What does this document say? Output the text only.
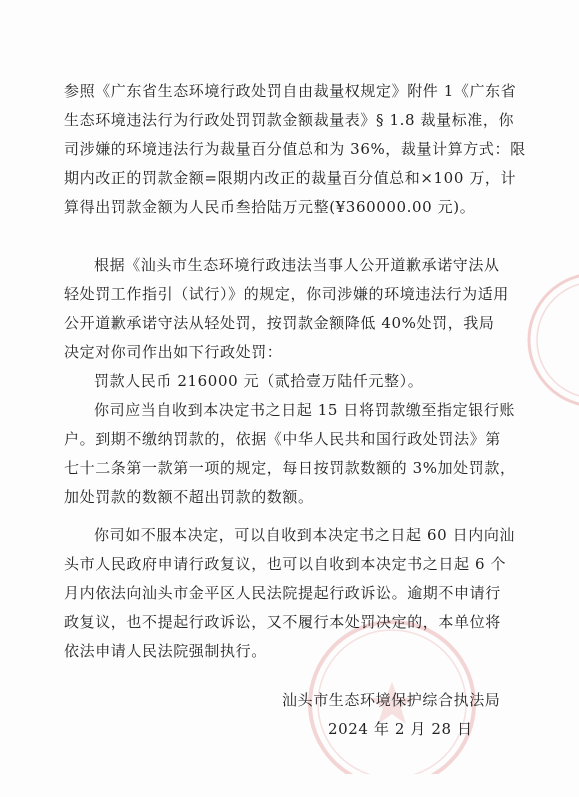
参照《广东省生态环境行政处罚自由裁量权规定》附件 1《广东省
生态环境违法行为行政处罚罚款金额裁量表》§ 1.8 裁量标准，你
司涉嫌的环境违法行为裁量百分值总和为 36%，裁量计算方式：限
期内改正的罚款金额=限期内改正的裁量百分值总和×100 万，计
算得出罚款金额为人民币叁拾陆万元整(¥360000.00 元)。
根据《汕头市生态环境行政违法当事人公开道歉承诺守法从
轻处罚工作指引（试行）》的规定，你司涉嫌的环境违法行为适用
公开道歉承诺守法从轻处罚，按罚款金额降低 40%处罚，我局
决定对你司作出如下行政处罚：
罚款人民币 216000 元（贰拾壹万陆仟元整）。
你司应当自收到本决定书之日起 15 日将罚款缴至指定银行账
户。到期不缴纳罚款的，依据《中华人民共和国行政处罚法》第
七十二条第一款第一项的规定，每日按罚款数额的 3%加处罚款，
加处罚款的数额不超出罚款的数额。
你司如不服本决定，可以自收到本决定书之日起 60 日内向汕
头市人民政府申请行政复议，也可以自收到本决定书之日起 6 个
月内依法向汕头市金平区人民法院提起行政诉讼。逾期不申请行
政复议，也不提起行政诉讼，又不履行本处罚决定的，本单位将
依法申请人民法院强制执行。
汕头市生态环境保护综合执法局
2024 年 2 月 28 日
